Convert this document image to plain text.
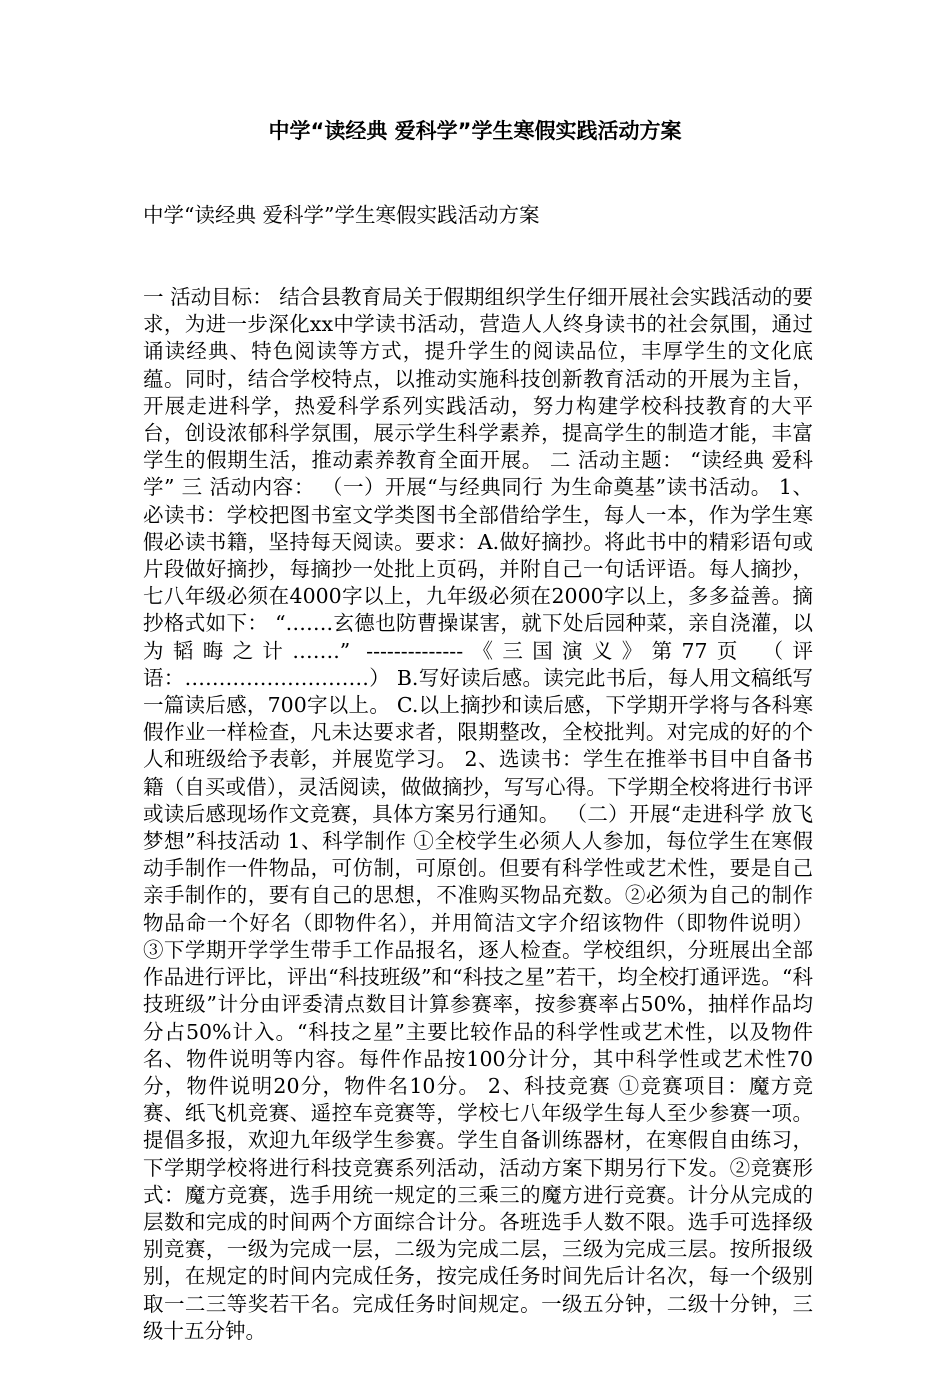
中学“读经典 爱科学”学生寒假实践活动方案

中学“读经典 爱科学”学生寒假实践活动方案

一 活动目标： 结合县教育局关于假期组织学生仔细开展社会实践活动的要求，为进一步深化xx中学读书活动，营造人人终身读书的社会氛围，通过诵读经典、特色阅读等方式，提升学生的阅读品位，丰厚学生的文化底蕴。同时，结合学校特点，以推动实施科技创新教育活动的开展为主旨，开展走进科学，热爱科学系列实践活动，努力构建学校科技教育的大平台，创设浓郁科学氛围，展示学生科学素养，提高学生的制造才能，丰富学生的假期生活，推动素养教育全面开展。 二 活动主题： “读经典 爱科学” 三 活动内容： （一）开展“与经典同行 为生命奠基”读书活动。 1、必读书：学校把图书室文学类图书全部借给学生，每人一本，作为学生寒假必读书籍，坚持每天阅读。要求：A.做好摘抄。将此书中的精彩语句或片段做好摘抄，每摘抄一处批上页码，并附自己一句话评语。每人摘抄，七八年级必须在4000字以上，九年级必须在2000字以上，多多益善。摘抄格式如下： “…….玄德也防曹操谋害，就下处后园种菜，亲自浇灌，以为韬晦之计…….” --------------《三国演义》第77页 （评语：………………………） B.写好读后感。读完此书后，每人用文稿纸写一篇读后感，700字以上。 C.以上摘抄和读后感，下学期开学将与各科寒假作业一样检查，凡未达要求者，限期整改，全校批判。对完成的好的个人和班级给予表彰，并展览学习。 2、选读书：学生在推举书目中自备书籍（自买或借），灵活阅读，做做摘抄，写写心得。下学期全校将进行书评或读后感现场作文竞赛，具体方案另行通知。 （二）开展“走进科学 放飞梦想”科技活动 1、科学制作 ①全校学生必须人人参加，每位学生在寒假动手制作一件物品，可仿制，可原创。但要有科学性或艺术性，要是自己亲手制作的，要有自己的思想，不准购买物品充数。②必须为自己的制作物品命一个好名（即物件名），并用简洁文字介绍该物件（即物件说明） ③下学期开学学生带手工作品报名，逐人检查。学校组织，分班展出全部作品进行评比，评出“科技班级”和“科技之星”若干，均全校打通评选。“科技班级”计分由评委清点数目计算参赛率，按参赛率占50%，抽样作品均分占50%计入。“科技之星”主要比较作品的科学性或艺术性，以及物件名、物件说明等内容。每件作品按100分计分，其中科学性或艺术性70分，物件说明20分，物件名10分。 2、科技竞赛 ①竞赛项目：魔方竞赛、纸飞机竞赛、遥控车竞赛等，学校七八年级学生每人至少参赛一项。提倡多报，欢迎九年级学生参赛。学生自备训练器材，在寒假自由练习，下学期学校将进行科技竞赛系列活动，活动方案下期另行下发。②竞赛形式：魔方竞赛，选手用统一规定的三乘三的魔方进行竞赛。计分从完成的层数和完成的时间两个方面综合计分。各班选手人数不限。选手可选择级别竞赛，一级为完成一层，二级为完成二层，三级为完成三层。按所报级别，在规定的时间内完成任务，按完成任务时间先后计名次，每一个级别取一二三等奖若干名。完成任务时间规定。一级五分钟，二级十分钟，三级十五分钟。
